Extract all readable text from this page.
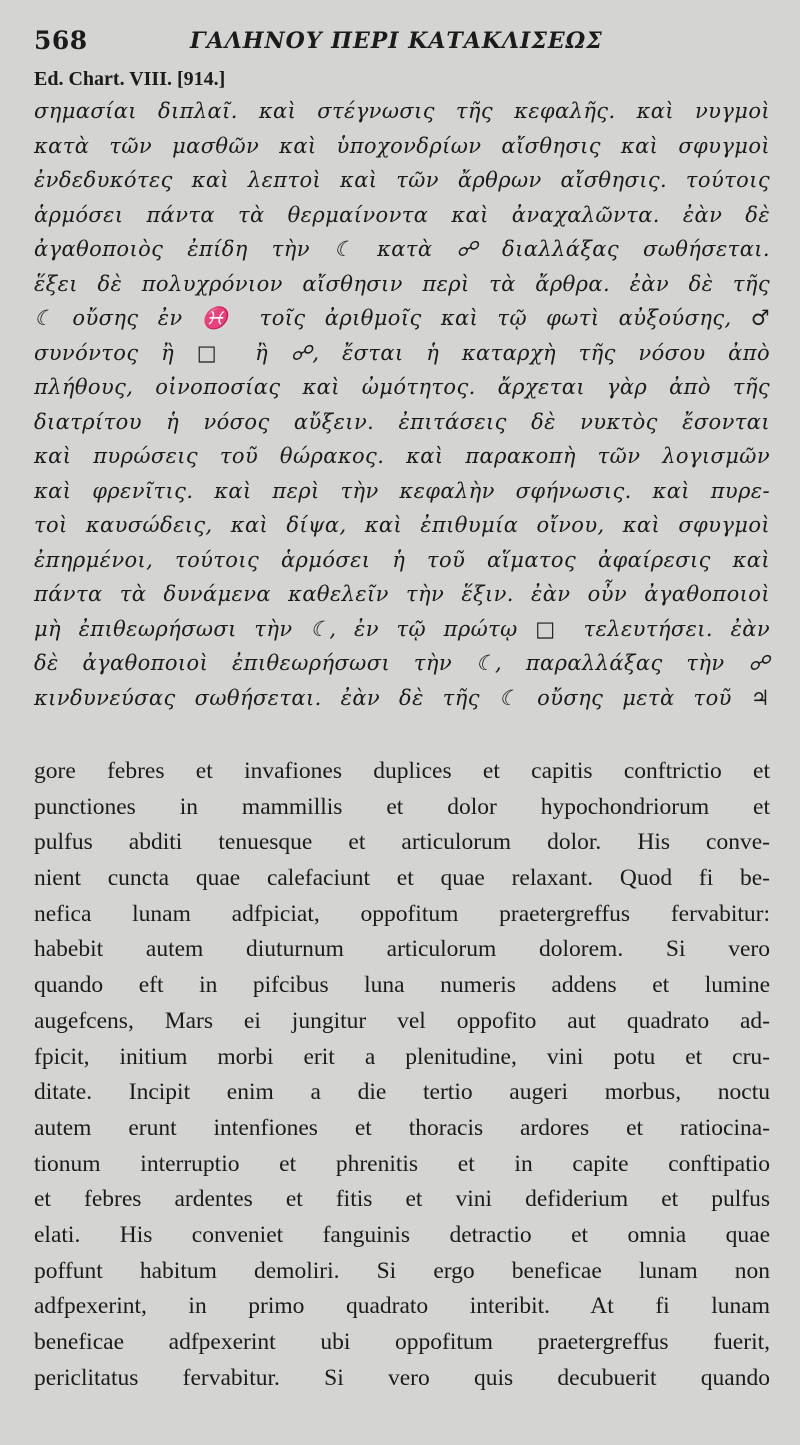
568	ΓΑΛΗΝΟΥ ΠΕΡΙ ΚΑΤΑΚΛΙΣΕΩΣ
Ed. Chart. VIII. [914.]
σημασίαι διπλαῖ. καὶ στέγνωσις τῆς κεφαλῆς. καὶ νυγμοὶ
κατὰ τῶν μασθῶν καὶ ὑποχονδρίων αἴσθησις καὶ σφυγμοὶ
ἐνδεδυκότες καὶ λεπτοὶ καὶ τῶν ἄρθρων αἴσθησις. τούτοις
ἁρμόσει πάντα τὰ θερμαίνοντα καὶ ἀναχαλῶντα. ἐὰν δὲ
ἀγαθοποιὸς ἐπίδη τὴν ☾ κατὰ ☍ διαλλάξας σωθήσεται.
ἕξει δὲ πολυχρόνιον αἴσθησιν περὶ τὰ ἄρθρα. ἐὰν δὲ τῆς
☾ οὔσης ἐν ♓ τοῖς ἀριθμοῖς καὶ τῷ φωτὶ αὐξούσης, ♂
συνόντος ἢ □ ἢ ☍, ἔσται ἡ καταρχὴ τῆς νόσου ἀπὸ
πλήθους, οἰνοποσίας καὶ ὠμότητος. ἄρχεται γὰρ ἀπὸ τῆς
διατρίτου ἡ νόσος αὔξειν. ἐπιτάσεις δὲ νυκτὸς ἔσονται
καὶ πυρώσεις τοῦ θώρακος. καὶ παρακοπὴ τῶν λογισμῶν
καὶ φρενῖτις. καὶ περὶ τὴν κεφαλὴν σφήνωσις. καὶ πυρε-
τοὶ καυσώδεις, καὶ δίψα, καὶ ἐπιθυμία οἴνου, καὶ σφυγμοὶ
ἐπηρμένοι, τούτοις ἁρμόσει ἡ τοῦ αἵματος ἀφαίρεσις καὶ
πάντα τὰ δυνάμενα καθελεῖν τὴν ἕξιν. ἐὰν οὖν ἀγαθοποιοὶ
μὴ ἐπιθεωρήσωσι τὴν ☾, ἐν τῷ πρώτῳ □ τελευτήσει. ἐὰν
δὲ ἀγαθοποιοὶ ἐπιθεωρήσωσι τὴν ☾, παραλλάξας τὴν ☍
κινδυνεύσας σωθήσεται. ἐὰν δὲ τῆς ☾ οὔσης μετὰ τοῦ ♃
gore febres et invafiones duplices et capitis conftrictio et
punctiones in mammillis et dolor hypochondriorum et
pulfus abditi tenuesque et articulorum dolor. His conve-
nient cuncta quae calefaciunt et quae relaxant. Quod fi be-
nefica lunam adfpiciat, oppofitum praetergreffus fervabitur:
habebit autem diuturnum articulorum dolorem. Si vero
quando eft in pifcibus luna numeris addens et lumine
augefcens, Mars ei jungitur vel oppofito aut quadrato ad-
fpicit, initium morbi erit a plenitudine, vini potu et cru-
ditate. Incipit enim a die tertio augeri morbus, noctu
autem erunt intenfiones et thoracis ardores et ratiocina-
tionum interruptio et phrenitis et in capite conftipatio
et febres ardentes et fitis et vini defiderium et pulfus
elati. His conveniet fanguinis detractio et omnia quae
poffunt habitum demoliri. Si ergo beneficae lunam non
adfpexerint, in primo quadrato interibit. At fi lunam
beneficae adfpexerint ubi oppofitum praetergreffus fuerit,
periclitatus fervabitur. Si vero quis decubuerit quando
